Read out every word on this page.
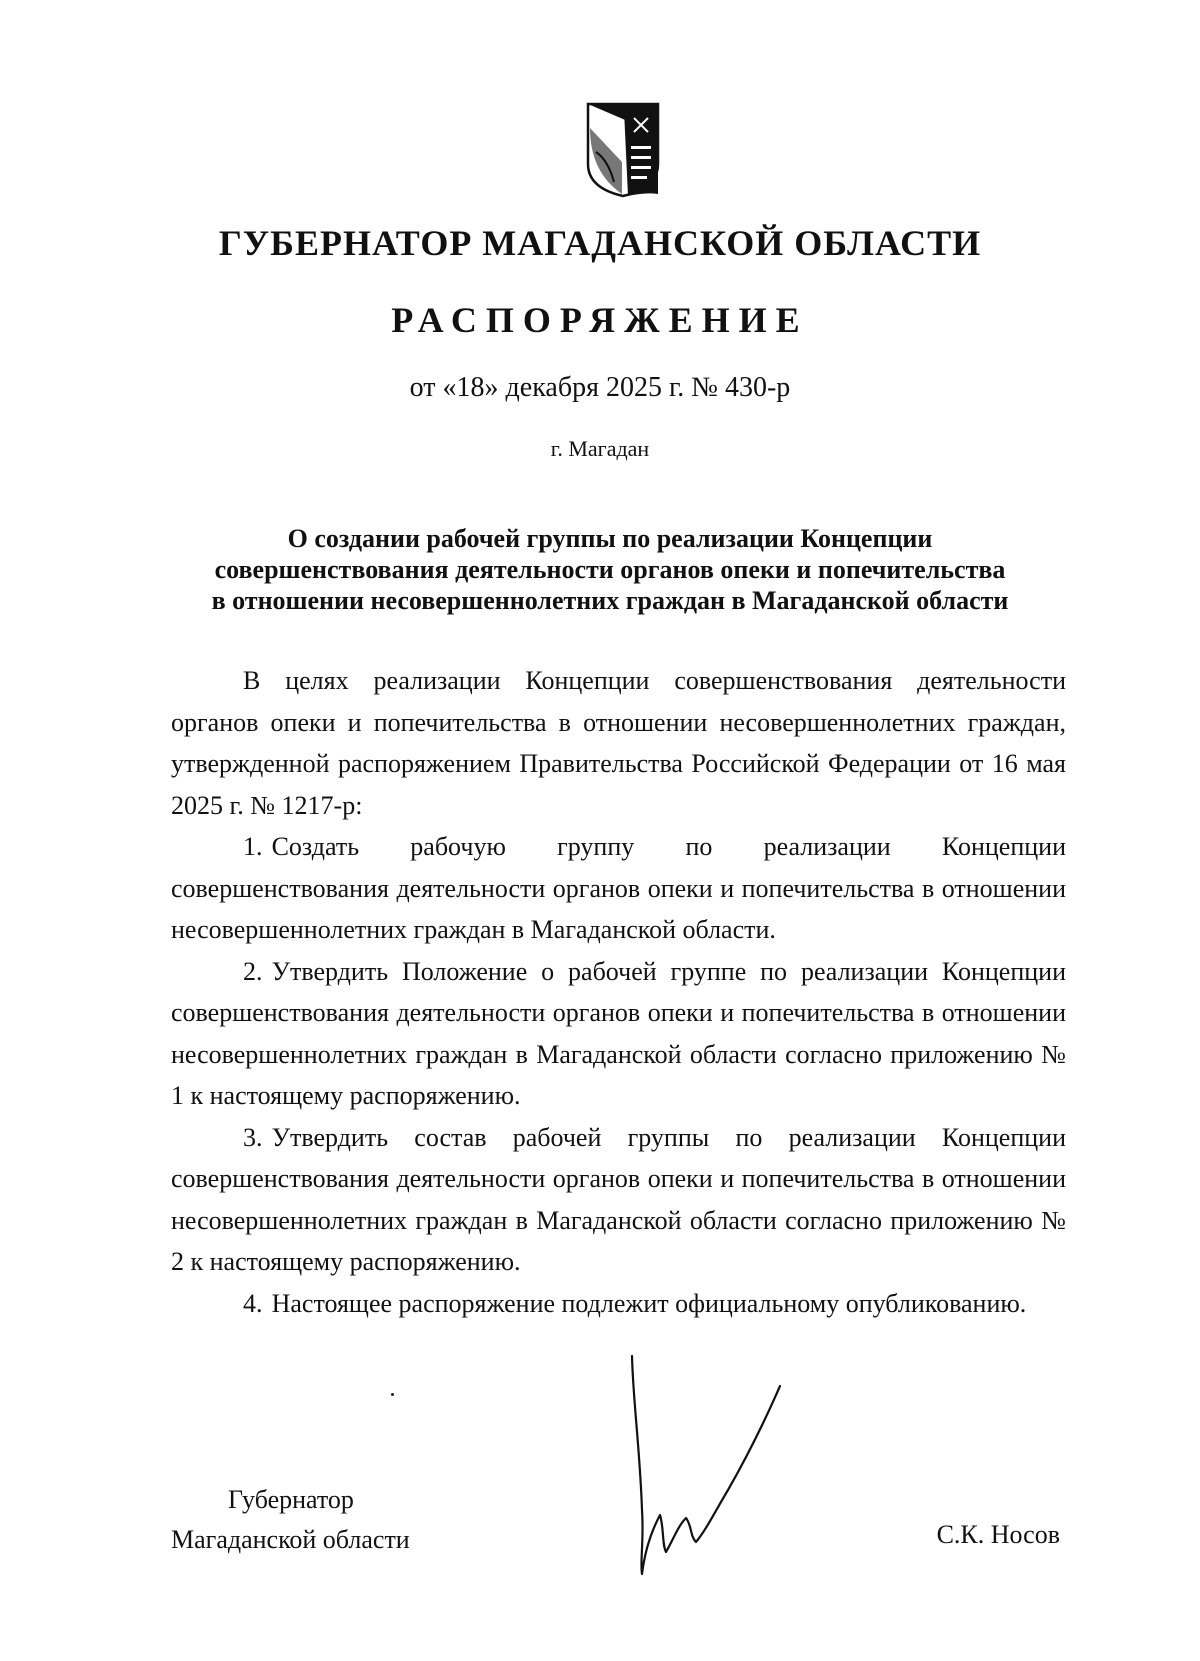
ГУБЕРНАТОР МАГАДАНСКОЙ ОБЛАСТИ
РАСПОРЯЖЕНИЕ
от «18» декабря 2025 г. № 430-р
г. Магадан
О создании рабочей группы по реализации Концепции
совершенствования деятельности органов опеки и попечительства
в отношении несовершеннолетних граждан в Магаданской области

В целях реализации Концепции совершенствования деятельности органов опеки и попечительства в отношении несовершеннолетних граждан, утвержденной распоряжением Правительства Российской Федерации от 16 мая 2025 г. № 1217-р:

1. Создать рабочую группу по реализации Концепции совершенствования деятельности органов опеки и попечительства в отношении несовершеннолетних граждан в Магаданской области.

2. Утвердить Положение о рабочей группе по реализации Концепции совершенствования деятельности органов опеки и попечительства в отношении несовершеннолетних граждан в Магаданской области согласно приложению № 1 к настоящему распоряжению.

3. Утвердить состав рабочей группы по реализации Концепции совершенствования деятельности органов опеки и попечительства в отношении несовершеннолетних граждан в Магаданской области согласно приложению № 2 к настоящему распоряжению.

4. Настоящее распоряжение подлежит официальному опубликованию.

Губернатор
Магаданской области	С.К. Носов
